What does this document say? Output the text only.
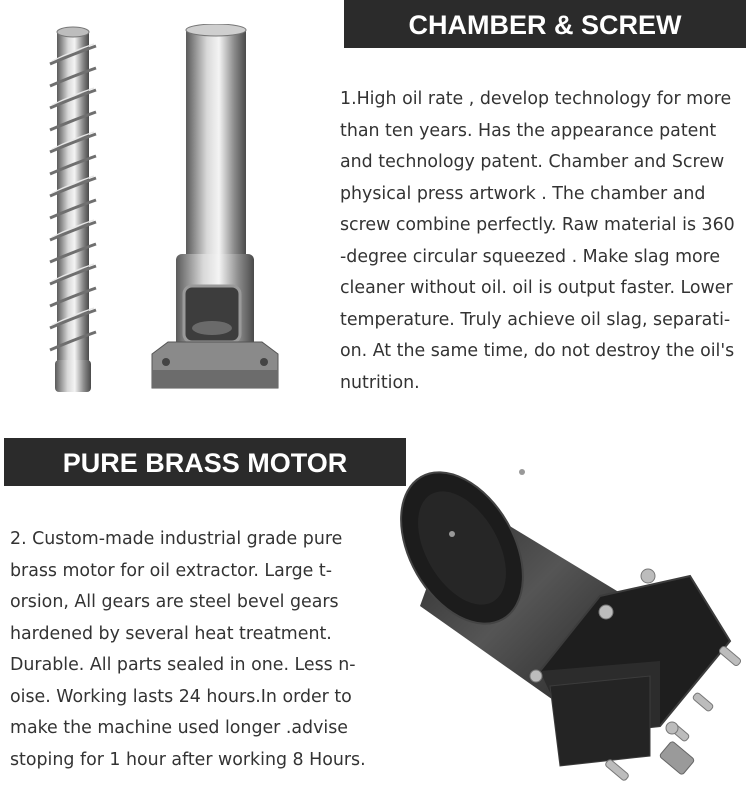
CHAMBER & SCREW
1.High oil rate , develop technology for more
than ten years. Has the appearance patent
and technology patent. Chamber and Screw
physical press artwork . The chamber and
screw combine perfectly. Raw material is 360
-degree circular squeezed . Make slag more
cleaner without oil. oil is output faster. Lower
temperature. Truly achieve oil slag, separati-
on. At the same time, do not destroy the oil's
nutrition.
PURE BRASS MOTOR
2. Custom-made industrial grade pure
brass motor for oil extractor. Large t-
orsion, All gears are steel bevel gears
hardened by several heat treatment.
Durable. All parts sealed in one. Less n-
oise. Working lasts 24 hours.In order to
make the machine used longer .advise
stoping for 1 hour after working 8 Hours.
